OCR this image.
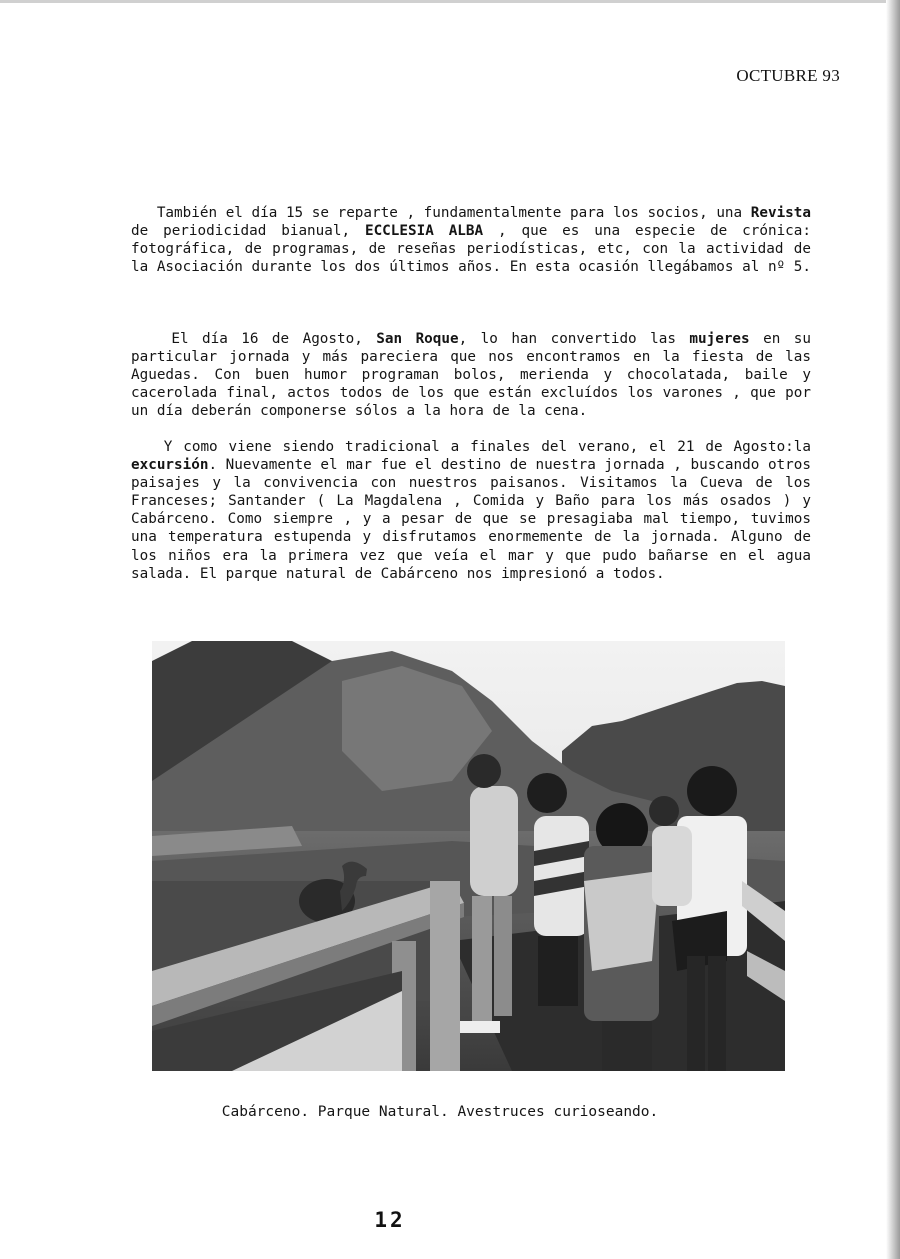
OCTUBRE 93

También el día 15 se reparte , fundamentalmente para los socios, una Revista de periodicidad bianual, ECCLESIA ALBA , que es una especie de crónica: fotográfica, de programas, de reseñas periodísticas, etc, con la actividad de la Asociación durante los dos últimos años. En esta ocasión llegábamos al nº 5.

El día 16 de Agosto, San Roque, lo han convertido las mujeres en su particular jornada y más pareciera que nos encontramos en la fiesta de las Aguedas. Con buen humor programan bolos, merienda y chocolatada, baile y cacerolada final, actos todos de los que están excluídos los varones , que por un día deberán componerse sólos a la hora de la cena.

Y como viene siendo tradicional a finales del verano, el 21 de Agosto:la excursión. Nuevamente el mar fue el destino de nuestra jornada , buscando otros paisajes y la convivencia con nuestros paisanos. Visitamos la Cueva de los Franceses; Santander ( La Magdalena , Comida y Baño para los más osados ) y Cabárceno. Como siempre , y a pesar de que se presagiaba mal tiempo, tuvimos una temperatura estupenda y disfrutamos enormemente de la jornada. Alguno de los niños era la primera vez que veía el mar y que pudo bañarse en el agua salada. El parque natural de Cabárceno nos impresionó a todos.

Cabárceno. Parque Natural. Avestruces curioseando.
12
